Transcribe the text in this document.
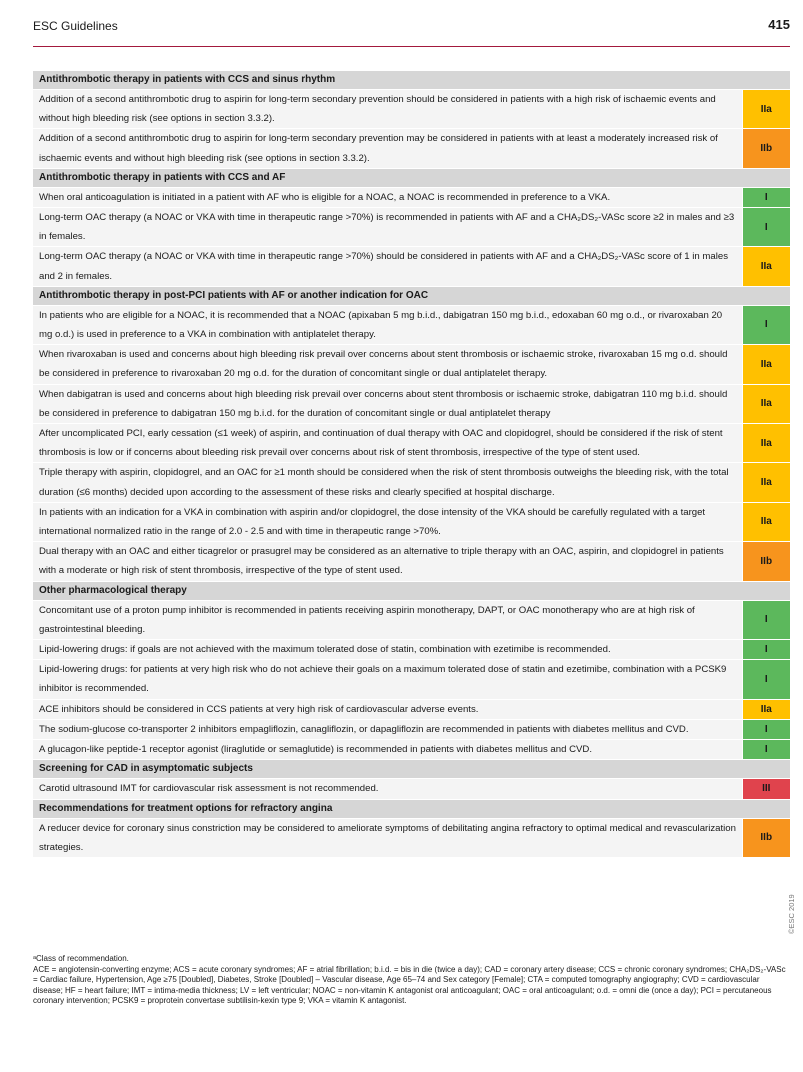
ESC Guidelines	415
Antithrombotic therapy in patients with CCS and sinus rhythm	
Addition of a second antithrombotic drug to aspirin for long-term secondary prevention should be considered in patients with a high risk of ischaemic events and without high bleeding risk (see options in section 3.3.2).	IIa
Addition of a second antithrombotic drug to aspirin for long-term secondary prevention may be considered in patients with at least a moderately increased risk of ischaemic events and without high bleeding risk (see options in section 3.3.2).	IIb
Antithrombotic therapy in patients with CCS and AF	
When oral anticoagulation is initiated in a patient with AF who is eligible for a NOAC, a NOAC is recommended in preference to a VKA.	I
Long-term OAC therapy (a NOAC or VKA with time in therapeutic range >70%) is recommended in patients with AF and a CHA₂DS₂-VASc score ≥2 in males and ≥3 in females.	I
Long-term OAC therapy (a NOAC or VKA with time in therapeutic range >70%) should be considered in patients with AF and a CHA₂DS₂-VASc score of 1 in males and 2 in females.	IIa
Antithrombotic therapy in post-PCI patients with AF or another indication for OAC	
In patients who are eligible for a NOAC, it is recommended that a NOAC (apixaban 5 mg b.i.d., dabigatran 150 mg b.i.d., edoxaban 60 mg o.d., or rivaroxaban 20 mg o.d.) is used in preference to a VKA in combination with antiplatelet therapy.	I
When rivaroxaban is used and concerns about high bleeding risk prevail over concerns about stent thrombosis or ischaemic stroke, rivaroxaban 15 mg o.d. should be considered in preference to rivaroxaban 20 mg o.d. for the duration of concomitant single or dual antiplatelet therapy.	IIa
When dabigatran is used and concerns about high bleeding risk prevail over concerns about stent thrombosis or ischaemic stroke, dabigatran 110 mg b.i.d. should be considered in preference to dabigatran 150 mg b.i.d. for the duration of concomitant single or dual antiplatelet therapy	IIa
After uncomplicated PCI, early cessation (≤1 week) of aspirin, and continuation of dual therapy with OAC and clopidogrel, should be considered if the risk of stent thrombosis is low or if concerns about bleeding risk prevail over concerns about risk of stent thrombosis, irrespective of the type of stent used.	IIa
Triple therapy with aspirin, clopidogrel, and an OAC for ≥1 month should be considered when the risk of stent thrombosis outweighs the bleeding risk, with the total duration (≤6 months) decided upon according to the assessment of these risks and clearly specified at hospital discharge.	IIa
In patients with an indication for a VKA in combination with aspirin and/or clopidogrel, the dose intensity of the VKA should be carefully regulated with a target international normalized ratio in the range of 2.0 - 2.5 and with time in therapeutic range >70%.	IIa
Dual therapy with an OAC and either ticagrelor or prasugrel may be considered as an alternative to triple therapy with an OAC, aspirin, and clopidogrel in patients with a moderate or high risk of stent thrombosis, irrespective of the type of stent used.	IIb
Other pharmacological therapy	
Concomitant use of a proton pump inhibitor is recommended in patients receiving aspirin monotherapy, DAPT, or OAC monotherapy who are at high risk of gastrointestinal bleeding.	I
Lipid-lowering drugs: if goals are not achieved with the maximum tolerated dose of statin, combination with ezetimibe is recommended.	I
Lipid-lowering drugs: for patients at very high risk who do not achieve their goals on a maximum tolerated dose of statin and ezetimibe, combination with a PCSK9 inhibitor is recommended.	I
ACE inhibitors should be considered in CCS patients at very high risk of cardiovascular adverse events.	IIa
The sodium-glucose co-transporter 2 inhibitors empagliflozin, canagliflozin, or dapagliflozin are recommended in patients with diabetes mellitus and CVD.	I
A glucagon-like peptide-1 receptor agonist (liraglutide or semaglutide) is recommended in patients with diabetes mellitus and CVD.	I
Screening for CAD in asymptomatic subjects	
Carotid ultrasound IMT for cardiovascular risk assessment is not recommended.	III
Recommendations for treatment options for refractory angina	
A reducer device for coronary sinus constriction may be considered to ameliorate symptoms of debilitating angina refractory to optimal medical and revascularization strategies.	IIb
©ESC 2019

ᵃClass of recommendation.

ACE = angiotensin-converting enzyme; ACS = acute coronary syndromes; AF = atrial fibrillation; b.i.d. = bis in die (twice a day); CAD = coronary artery disease; CCS = chronic coronary syndromes; CHA₂DS₂-VASc = Cardiac failure, Hypertension, Age ≥75 [Doubled], Diabetes, Stroke [Doubled] – Vascular disease, Age 65–74 and Sex category [Female]; CTA = computed tomography angiography; CVD = cardiovascular disease; HF = heart failure; IMT = intima-media thickness; LV = left ventricular; NOAC = non-vitamin K antagonist oral anticoagulant; OAC = oral anticoagulant; o.d. = omni die (once a day); PCI = percutaneous coronary intervention; PCSK9 = proprotein convertase subtilisin-kexin type 9; VKA = vitamin K antagonist.
